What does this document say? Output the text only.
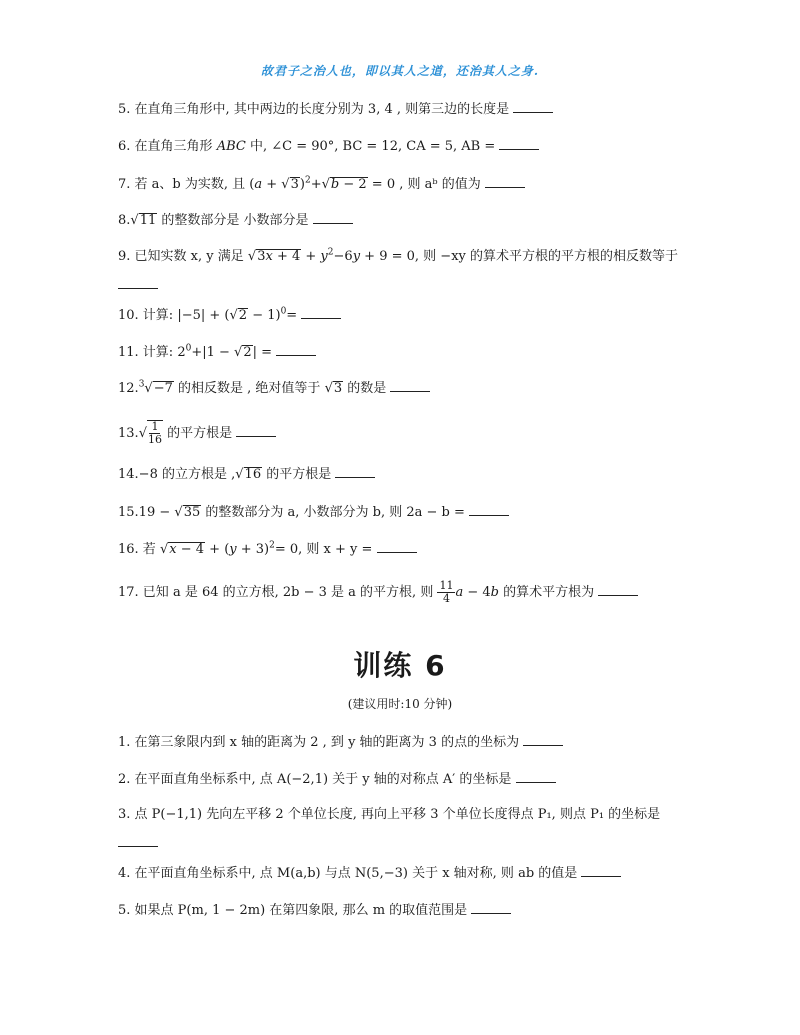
故君子之治人也，即以其人之道，还治其人之身.
5. 在直角三角形中, 其中两边的长度分别为 3, 4 , 则第三边的长度是
6. 在直角三角形 ABC 中, ∠C = 90°, BC = 12, CA = 5, AB =
7. 若 a、b 为实数, 且 $(a + √3)^2+√b - 2 = 0$ , 则 aᵇ 的值为
8.√11 的整数部分是 小数部分是
9. 已知实数 x, y 满足 $√3x + 4 + y^2-6y + 9 = 0$, 则 −xy 的算术平方根的平方根的相反数等于
10. 计算: $|-5| + (√2 - 1)^0=$
11. 计算: $2^0+|1 - √2|$ =
12.$^3$√−7 的相反数是 , 绝对值等于 √3 的数是
$13.√ \frac{1}{16}$ 的平方根是
14.−8 的立方根是 ,√16 的平方根是
15.19 − √35 的整数部分为 a, 小数部分为 b, 则 2a − b =
16. 若 $√x - 4 + (y + 3)^2= 0$, 则 x + y =
17. 已知 a 是 64 的立方根, 2b − 3 是 a 的平方根, 则 $\frac{11}{4}$ a − 4b 的算术平方根为
训练 6
(建议用时:10 分钟)
1. 在第三象限内到 x 轴的距离为 2 , 到 y 轴的距离为 3 的点的坐标为
2. 在平面直角坐标系中, 点 A(−2,1) 关于 y 轴的对称点 A′ 的坐标是
3. 点 P(−1,1) 先向左平移 2 个单位长度, 再向上平移 3 个单位长度得点 P₁, 则点 P₁ 的坐标是
4. 在平面直角坐标系中, 点 M(a,b) 与点 N(5,−3) 关于 x 轴对称, 则 ab 的值是
5. 如果点 P(m, 1 − 2m) 在第四象限, 那么 m 的取值范围是
